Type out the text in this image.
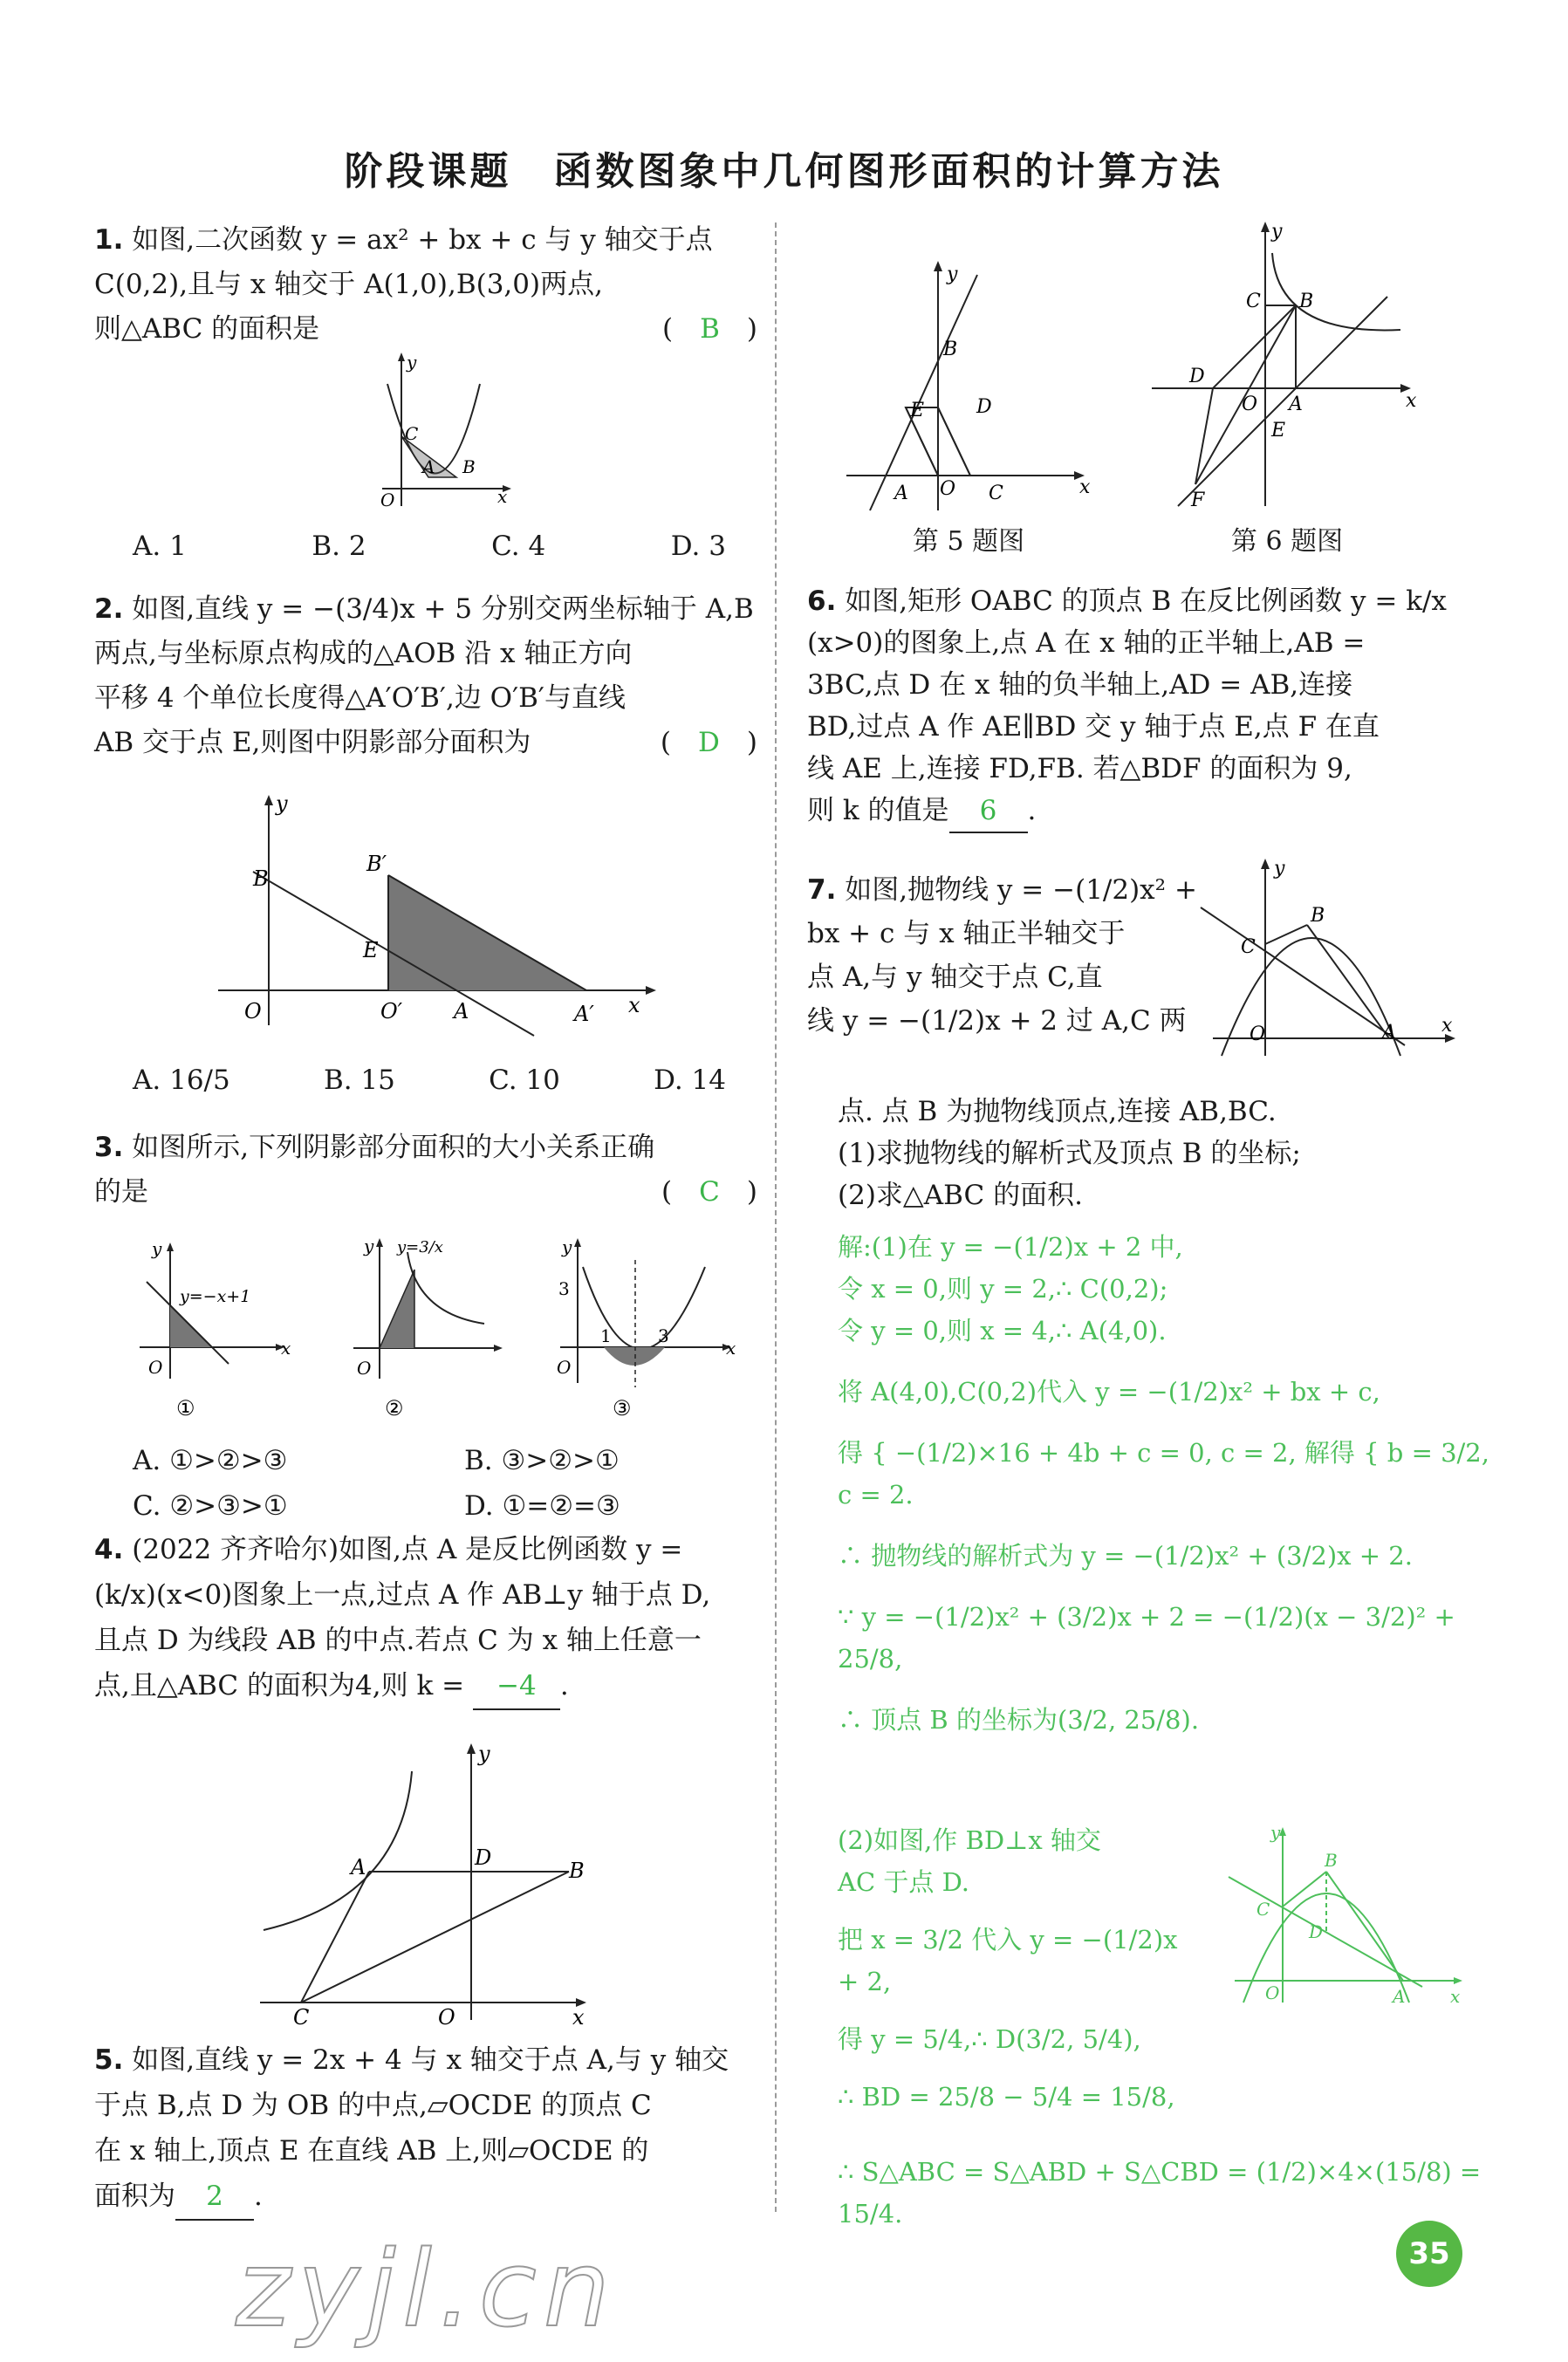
阶段课题　函数图象中几何图形面积的计算方法
1. 如图,二次函数 y = ax² + bx + c 与 y 轴交于点
C(0,2),且与 x 轴交于 A(1,0),B(3,0)两点,
则△ABC 的面积是	(　B　)
y
C
O
A B
x
A. 1	B. 2	C. 4	D. 3
2. 如图,直线 y = −(3/4)x + 5 分别交两坐标轴于 A,B
两点,与坐标原点构成的△AOB 沿 x 轴正方向
平移 4 个单位长度得△A′O′B′,边 O′B′与直线
AB 交于点 E,则图中阴影部分面积为	(　D　)
B
B′
E
O	O′ A	A′ x
y
A. 16/5	B. 15	C. 10	D. 14
3. 如图所示,下列阴影部分面积的大小关系正确
的是	(　C　)
y
y=−x+1
O
x
①
y y=3/x
O
②
y
3
1	3
O
x
③
A. ①>②>③	B. ③>②>①
C. ②>③>①	D. ①=②=③
4. (2022 齐齐哈尔)如图,点 A 是反比例函数 y =
(k/x)(x<0)图象上一点,过点 A 作 AB⊥y 轴于点 D,
且点 D 为线段 AB 的中点.若点 C 为 x 轴上任意一
点,且△ABC 的面积为4,则 k = −4 .
A	D
B
C	O	x
y
5. 如图,直线 y = 2x + 4 与 x 轴交于点 A,与 y 轴交
于点 B,点 D 为 OB 的中点,▱OCDE 的顶点 C
在 x 轴上,顶点 E 在直线 AB 上,则▱OCDE 的
面积为 2 .
y
B
E	D
A O C	x
第 5 题图
y
C B
D
O A
E
F
x
第 6 题图
6. 如图,矩形 OABC 的顶点 B 在反比例函数 y = k/x
(x>0)的图象上,点 A 在 x 轴的正半轴上,AB =
3BC,点 D 在 x 轴的负半轴上,AD = AB,连接
BD,过点 A 作 AE∥BD 交 y 轴于点 E,点 F 在直
线 AE 上,连接 FD,FB. 若△BDF 的面积为 9,
则 k 的值是 6 .
7. 如图,抛物线 y = −(1/2)x² +
bx + c 与 x 轴正半轴交于
点 A,与 y 轴交于点 C,直
线 y = −(1/2)x + 2 过 A,C 两
点. 点 B 为抛物线顶点,连接 AB,BC.
(1)求抛物线的解析式及顶点 B 的坐标;
(2)求△ABC 的面积.
y
B
C
O	A x
解:(1)在 y = −(1/2)x + 2 中,
令 x = 0,则 y = 2,∴ C(0,2);
令 y = 0,则 x = 4,∴ A(4,0).
将 A(4,0),C(0,2)代入 y = −(1/2)x² + bx + c,
得 { −(1/2)×16 + 4b + c = 0, c = 2, 解得 { b = 3/2, c = 2.
∴ 抛物线的解析式为 y = −(1/2)x² + (3/2)x + 2.
∵ y = −(1/2)x² + (3/2)x + 2 = −(1/2)(x − 3/2)² + 25/8,
∴ 顶点 B 的坐标为(3/2, 25/8).
(2)如图,作 BD⊥x 轴交
AC 于点 D.
把 x = 3/2 代入 y = −(1/2)x + 2,
得 y = 5/4,∴ D(3/2, 5/4),
∴ BD = 25/8 − 5/4 = 15/8,
∴ S△ABC = S△ABD + S△CBD = (1/2)×4×(15/8) = 15/4.
y
B
C
D
O	A	x
zyjl.cn	35
